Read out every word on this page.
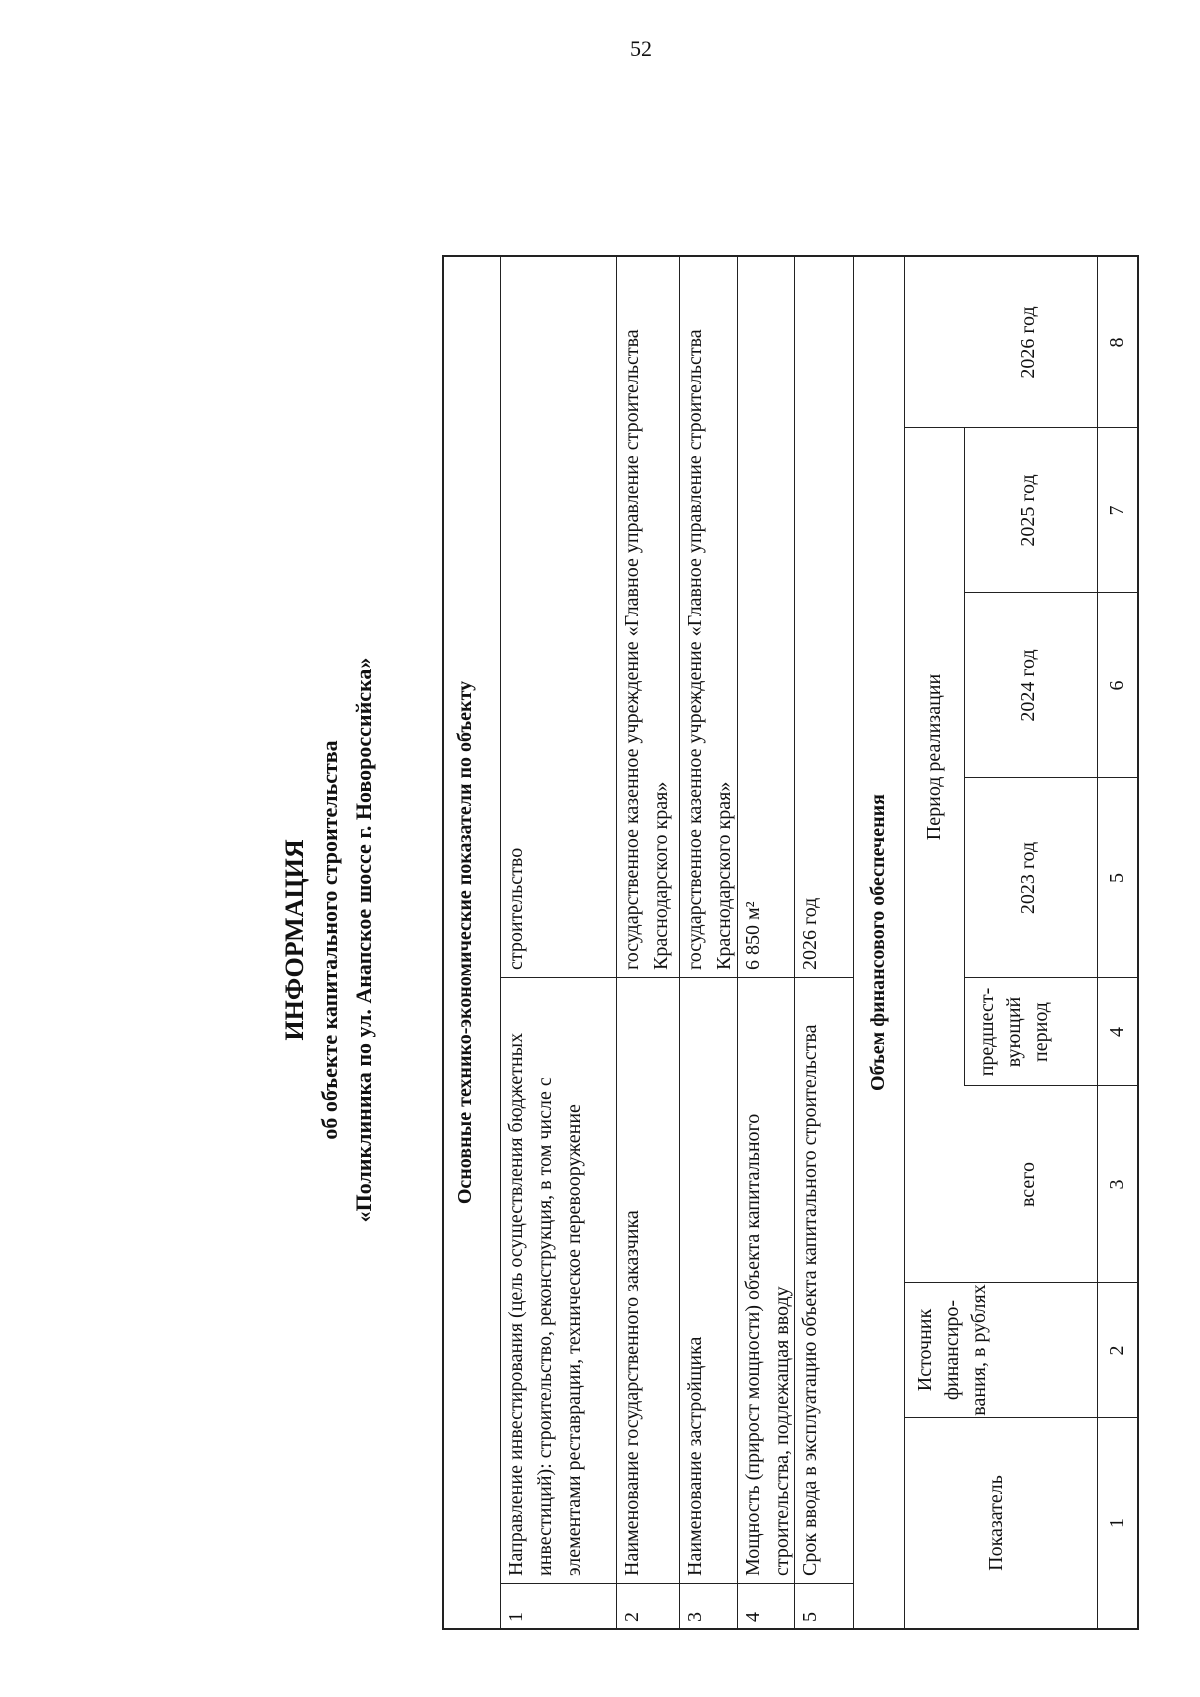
52
ИНФОРМАЦИЯ об объекте капитального строительства «Поликлиника по ул. Анапское шоссе г. Новороссийска»	Основные технико-экономические показатели по объекту
1
Направление инвестирования (цель осуществления бюджетных инвестиций): строительство, реконструкция, в том числе с элементами реставрации, техническое перевооружение
строительство
2
Наименование государственного заказчика
государственное казенное учреждение «Главное управление строительства Краснодарского края»
3
Наименование застройщика
государственное казенное учреждение «Главное управление строительства Краснодарского края»
4
Мощность (прирост мощности) объекта капитального строительства, подлежащая вводу
6 850 м²
5
Срок ввода в эксплуатацию объекта капитального строительства
2026 год Объем финансового обеспечения
Показатель
Источник финансиро-вания, в рублях
всего
Период реализации
предшест-вующий период
2023 год
2024 год
2025 год
2026 год
1
2
3
4
5
6
7
8
